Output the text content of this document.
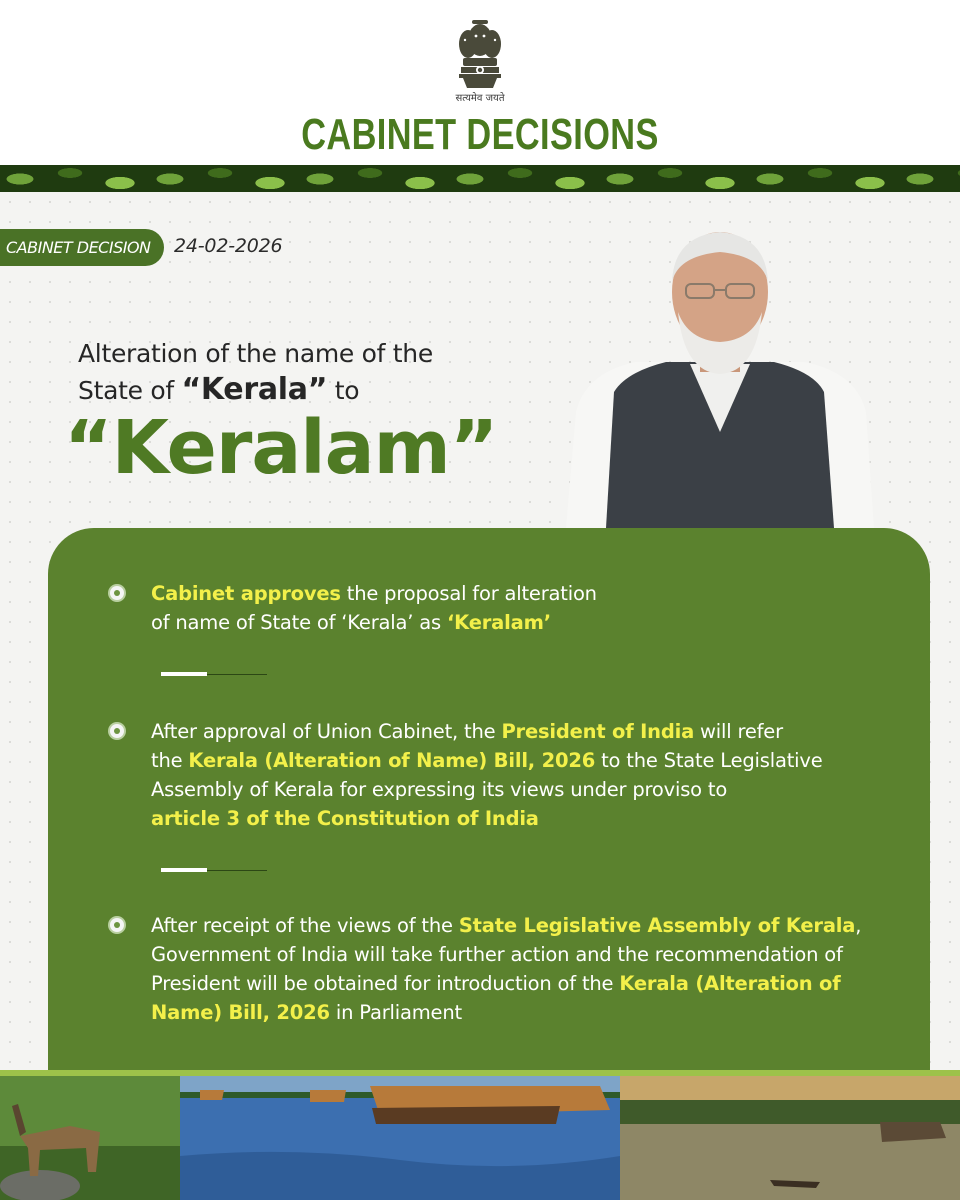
सत्यमेव जयते
CABINET DECISIONS
CABINET DECISION	24-02-2026
Alteration of the name of the
State of “Kerala” to
“Keralam”
Cabinet approves the proposal for alteration
of name of State of ‘Kerala’ as ‘Keralam’
After approval of Union Cabinet, the President of India will refer
the Kerala (Alteration of Name) Bill, 2026 to the State Legislative
Assembly of Kerala for expressing its views under proviso to
article 3 of the Constitution of India
After receipt of the views of the State Legislative Assembly of Kerala,
Government of India will take further action and the recommendation of
President will be obtained for introduction of the Kerala (Alteration of
Name) Bill, 2026 in Parliament
